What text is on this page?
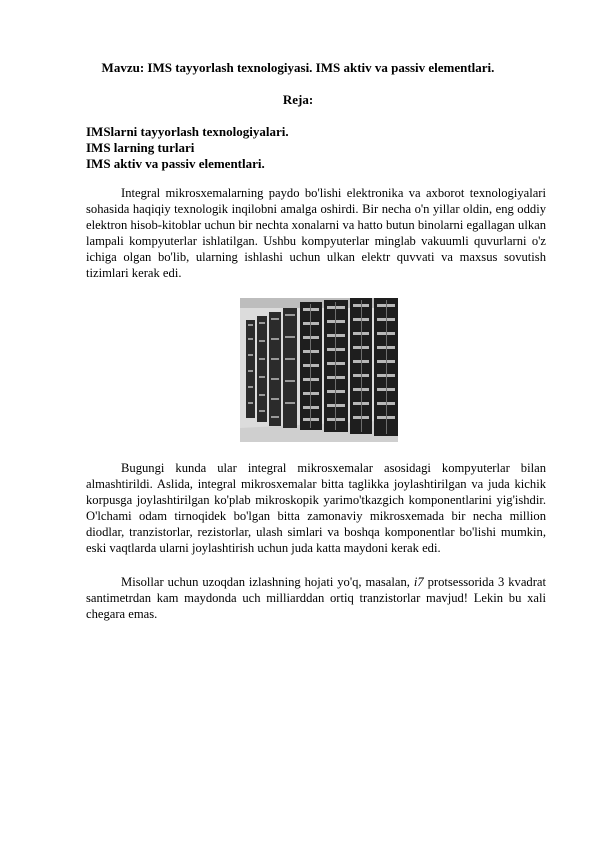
Mavzu: IMS tayyorlash texnologiyasi. IMS aktiv va passiv elementlari.
Reja:
IMSlarni tayyorlash texnologiyalari.
IMS larning turlari
IMS aktiv va passiv elementlari.

Integral mikrosxemalarning paydo bo'lishi elektronika va axborot texnologiyalari sohasida haqiqiy texnologik inqilobni amalga oshirdi. Bir necha o'n yillar oldin, eng oddiy elektron hisob-kitoblar uchun bir nechta xonalarni va hatto butun binolarni egallagan ulkan lampali kompyuterlar ishlatilgan. Ushbu kompyuterlar minglab vakuumli quvurlarni o'z ichiga olgan bo'lib, ularning ishlashi uchun ulkan elektr quvvati va maxsus sovutish tizimlari kerak edi.

Bugungi kunda ular integral mikrosxemalar asosidagi kompyuterlar bilan almashtirildi. Aslida, integral mikrosxemalar bitta taglikka joylashtirilgan va juda kichik korpusga joylashtirilgan ko'plab mikroskopik yarimo'tkazgich komponentlarini yig'ishdir. O'lchami odam tirnoqidek bo'lgan bitta zamonaviy mikrosxemada bir necha million diodlar, tranzistorlar, rezistorlar, ulash simlari va boshqa komponentlar bo'lishi mumkin, eski vaqtlarda ularni joylashtirish uchun juda katta maydoni kerak edi.

Misollar uchun uzoqdan izlashning hojati yo'q, masalan, i7 protsessorida 3 kvadrat santimetrdan kam maydonda uch milliarddan ortiq tranzistorlar mavjud! Lekin bu xali chegara emas.
